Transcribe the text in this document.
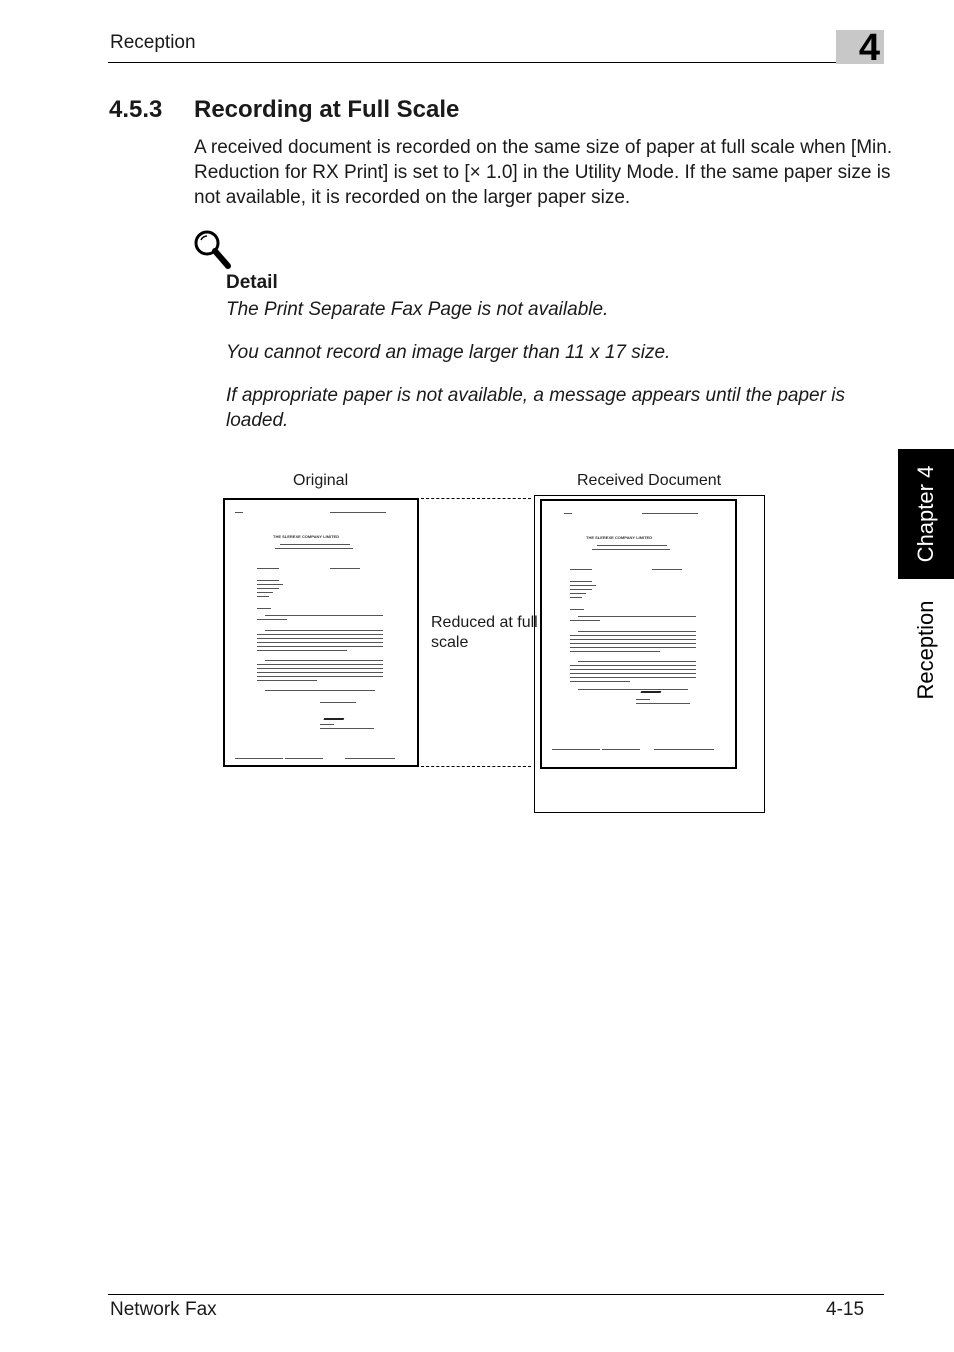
Reception	4
4.5.3 Recording at Full Scale

A received document is recorded on the same size of paper at full scale when [Min. Reduction for RX Print] is set to [× 1.0] in the Utility Mode. If the same paper size is not available, it is recorded on the larger paper size.

Detail

The Print Separate Fax Page is not available.

You cannot record an image larger than 11 x 17 size.

If appropriate paper is not available, a message appears until the paper is loaded.

Original	Received Document
Reduced at full scale
THE SLEREXE COMPANY LIMITED	THE SLEREXE COMPANY LIMITED	Chapter 4
Reception
Network Fax	4-15
